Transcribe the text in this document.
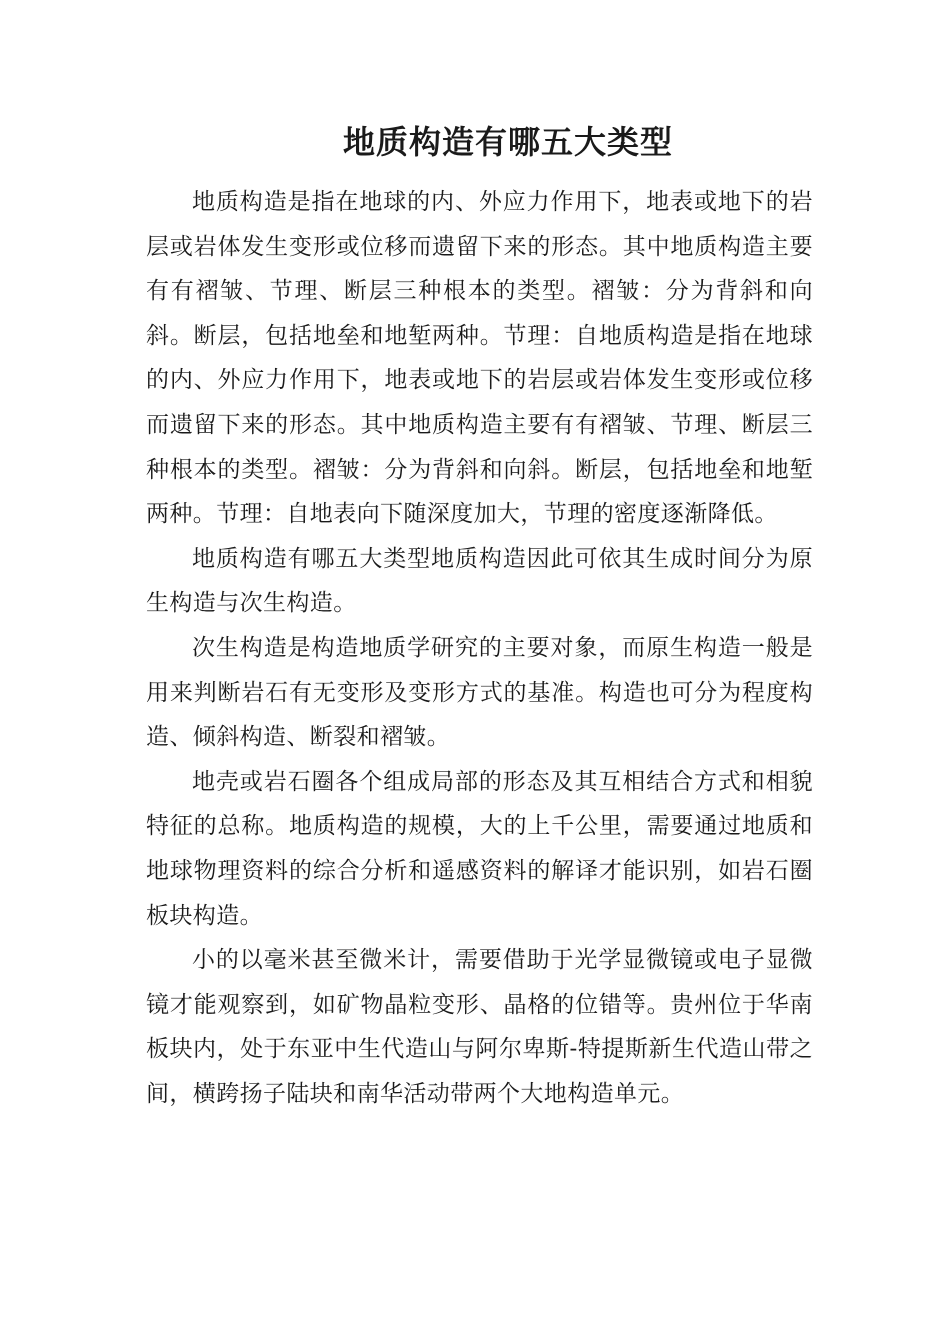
地质构造有哪五大类型

地质构造是指在地球的内、外应力作用下，地表或地下的岩层或岩体发生变形或位移而遗留下来的形态。其中地质构造主要有有褶皱、节理、断层三种根本的类型。褶皱：分为背斜和向斜。断层，包括地垒和地堑两种。节理：自地质构造是指在地球的内、外应力作用下，地表或地下的岩层或岩体发生变形或位移而遗留下来的形态。其中地质构造主要有有褶皱、节理、断层三种根本的类型。褶皱：分为背斜和向斜。断层，包括地垒和地堑两种。节理：自地表向下随深度加大，节理的密度逐渐降低。

地质构造有哪五大类型地质构造因此可依其生成时间分为原生构造与次生构造。

次生构造是构造地质学研究的主要对象，而原生构造一般是用来判断岩石有无变形及变形方式的基准。构造也可分为程度构造、倾斜构造、断裂和褶皱。

地壳或岩石圈各个组成局部的形态及其互相结合方式和相貌特征的总称。地质构造的规模，大的上千公里，需要通过地质和地球物理资料的综合分析和遥感资料的解译才能识别，如岩石圈板块构造。

小的以毫米甚至微米计，需要借助于光学显微镜或电子显微镜才能观察到，如矿物晶粒变形、晶格的位错等。贵州位于华南板块内，处于东亚中生代造山与阿尔卑斯-特提斯新生代造山带之间，横跨扬子陆块和南华活动带两个大地构造单元。
